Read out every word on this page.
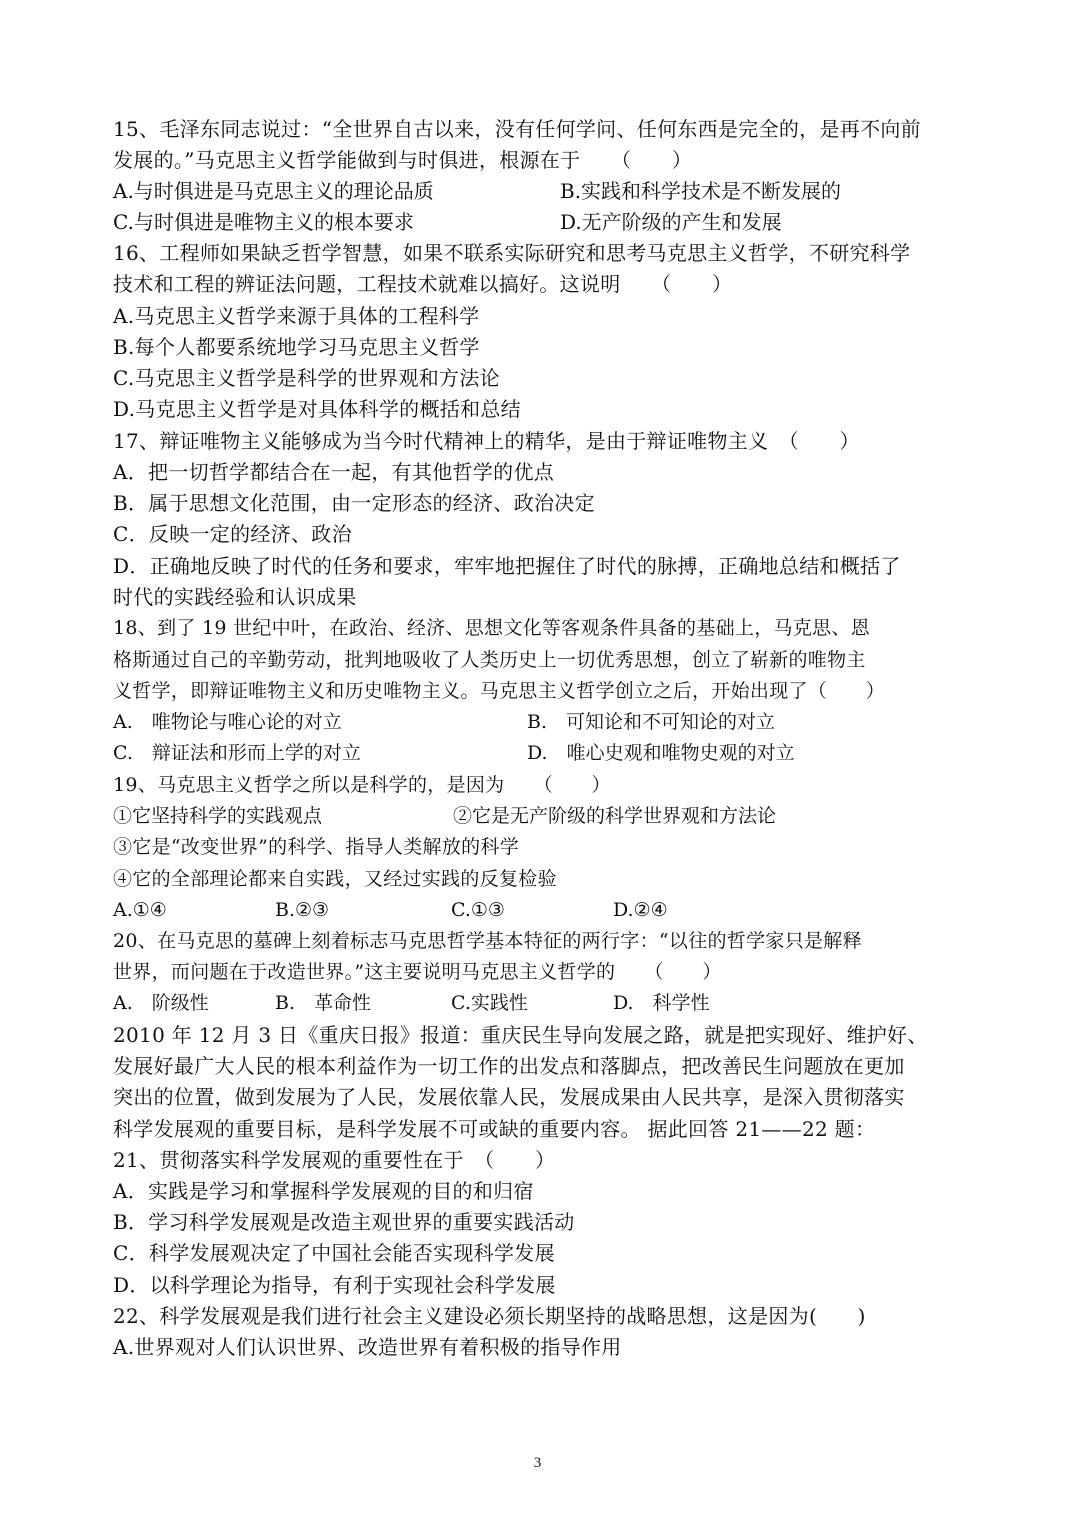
15、毛泽东同志说过：“全世界自古以来，没有任何学问、任何东西是完全的，是再不向前
发展的。”马克思主义哲学能做到与时俱进，根源在于　　（　　）
A.与时俱进是马克思主义的理论品质	B.实践和科学技术是不断发展的
C.与时俱进是唯物主义的根本要求	D.无产阶级的产生和发展
16、工程师如果缺乏哲学智慧，如果不联系实际研究和思考马克思主义哲学，不研究科学
技术和工程的辨证法问题，工程技术就难以搞好。这说明　　（　　）
A.马克思主义哲学来源于具体的工程科学
B.每个人都要系统地学习马克思主义哲学
C.马克思主义哲学是科学的世界观和方法论
D.马克思主义哲学是对具体科学的概括和总结
17、辩证唯物主义能够成为当今时代精神上的精华，是由于辩证唯物主义　（　　）
A．把一切哲学都结合在一起，有其他哲学的优点
B．属于思想文化范围，由一定形态的经济、政治决定
C．反映一定的经济、政治
D．正确地反映了时代的任务和要求，牢牢地把握住了时代的脉搏，正确地总结和概括了
时代的实践经验和认识成果
18、到了 19 世纪中叶，在政治、经济、思想文化等客观条件具备的基础上，马克思、恩
格斯通过自己的辛勤劳动，批判地吸收了人类历史上一切优秀思想，创立了崭新的唯物主
义哲学，即辩证唯物主义和历史唯物主义。马克思主义哲学创立之后，开始出现了（　　）
A.　唯物论与唯心论的对立	B.　可知论和不可知论的对立
C.　辩证法和形而上学的对立	D.　唯心史观和唯物史观的对立
19、马克思主义哲学之所以是科学的，是因为　　（　　）
①它坚持科学的实践观点	②它是无产阶级的科学世界观和方法论
③它是“改变世界”的科学、指导人类解放的科学
④它的全部理论都来自实践，又经过实践的反复检验
A.①④	B.②③	C.①③	D.②④
20、在马克思的墓碑上刻着标志马克思哲学基本特征的两行字：“以往的哲学家只是解释
世界，而问题在于改造世界。”这主要说明马克思主义哲学的　　（　　）
A.　阶级性	B.　革命性	C.实践性	D.　科学性
2010 年 12 月 3 日《重庆日报》报道：重庆民生导向发展之路，就是把实现好、维护好、
发展好最广大人民的根本利益作为一切工作的出发点和落脚点，把改善民生问题放在更加
突出的位置，做到发展为了人民，发展依靠人民，发展成果由人民共享，是深入贯彻落实
科学发展观的重要目标，是科学发展不可或缺的重要内容。 据此回答 21——22 题：
21、贯彻落实科学发展观的重要性在于　（　　）
A．实践是学习和掌握科学发展观的目的和归宿
B．学习科学发展观是改造主观世界的重要实践活动
C．科学发展观决定了中国社会能否实现科学发展
D．以科学理论为指导，有利于实现社会科学发展
22、科学发展观是我们进行社会主义建设必须长期坚持的战略思想，这是因为(　　)
A.世界观对人们认识世界、改造世界有着积极的指导作用
3
